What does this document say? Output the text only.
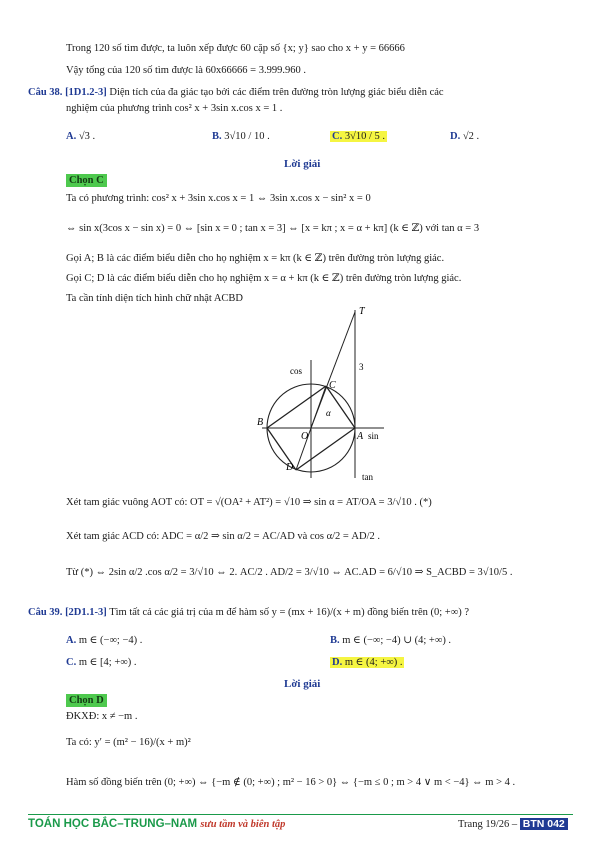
Trong 120 số tìm được, ta luôn xếp được 60 cặp số {x; y} sao cho x + y = 66666
Vậy tổng của 120 số tìm được là 60x66666 = 3.999.960 .
Câu 38. [1D1.2-3] Diện tích của đa giác tạo bởi các điểm trên đường tròn lượng giác biểu diễn các
nghiệm của phương trình cos² x + 3sin x.cos x = 1 .
A. √3 .	B. 3√10 / 10 .	C. 3√10 / 5 .	D. √2 .
Lời giải
Chọn C
Ta có phương trình: cos² x + 3sin x.cos x = 1 ⇔ 3sin x.cos x − sin² x = 0
⇔ sin x(3cos x − sin x) = 0 ⇔ [sin x = 0 ; tan x = 3] ⇔ [x = kπ ; x = α + kπ] (k ∈ ℤ) với tan α = 3
Gọi A; B là các điểm biểu diễn cho họ nghiệm x = kπ (k ∈ ℤ) trên đường tròn lượng giác.
Gọi C; D là các điểm biểu diễn cho họ nghiệm x = α + kπ (k ∈ ℤ) trên đường tròn lượng giác.
Ta cần tính diện tích hình chữ nhật ACBD
T
cos	3
C
α
B
O	A sin
D
tan
Xét tam giác vuông AOT có: OT = √(OA² + AT²) = √10 ⇒ sin α = AT/OA = 3/√10 . (*)
Xét tam giác ACD có: ADC = α/2 ⇒ sin α/2 = AC/AD và cos α/2 = AD/2 .
Từ (*) ⇔ 2sin α/2 .cos α/2 = 3/√10 ⇔ 2. AC/2 . AD/2 = 3/√10 ⇔ AC.AD = 6/√10 ⇒ S_ACBD = 3√10/5 .
Câu 39. [2D1.1-3] Tìm tất cả các giá trị của m để hàm số y = (mx + 16)/(x + m) đồng biến trên (0; +∞) ?
A. m ∈ (−∞; −4) .	B. m ∈ (−∞; −4) ∪ (4; +∞) .
C. m ∈ [4; +∞) .	D. m ∈ (4; +∞) .
Lời giải
Chọn D
ĐKXĐ: x ≠ −m .
Ta có: y′ = (m² − 16)/(x + m)²
Hàm số đồng biến trên (0; +∞) ⇔ {−m ∉ (0; +∞) ; m² − 16 > 0} ⇔ {−m ≤ 0 ; m > 4 ∨ m < −4} ⇔ m > 4 .
TOÁN HỌC BẮC–TRUNG–NAM sưu tầm và biên tập	Trang 19/26 – BTN 042
